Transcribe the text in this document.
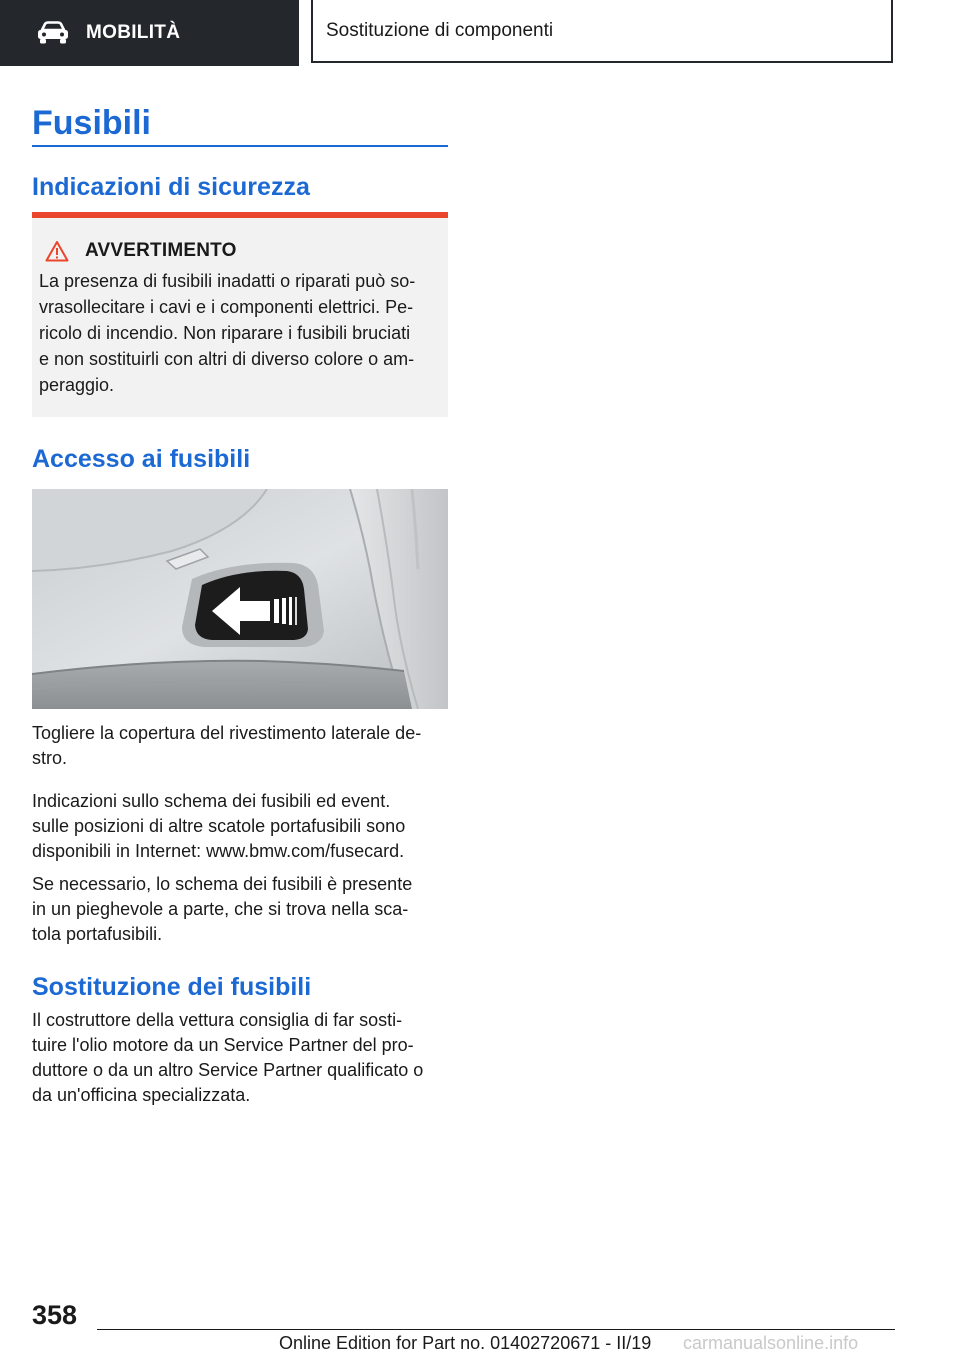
MOBILITÀ	Sostituzione di componenti
Fusibili
Indicazioni di sicurezza
AVVERTIMENTO

La presenza di fusibili inadatti o riparati può so-
vrasollecitare i cavi e i componenti elettrici. Pe-
ricolo di incendio. Non riparare i fusibili bruciati
e non sostituirli con altri di diverso colore o am-
peraggio.

Accesso ai fusibili

Togliere la copertura del rivestimento laterale de-
stro.

Indicazioni sullo schema dei fusibili ed event.
sulle posizioni di altre scatole portafusibili sono
disponibili in Internet: www.bmw.com/fusecard.

Se necessario, lo schema dei fusibili è presente
in un pieghevole a parte, che si trova nella sca-
tola portafusibili.

Sostituzione dei fusibili

Il costruttore della vettura consiglia di far sosti-
tuire l'olio motore da un Service Partner del pro-
duttore o da un altro Service Partner qualificato o
da un'officina specializzata.

358
Online Edition for Part no. 01402720671 - II/19 carmanualsonline.info
